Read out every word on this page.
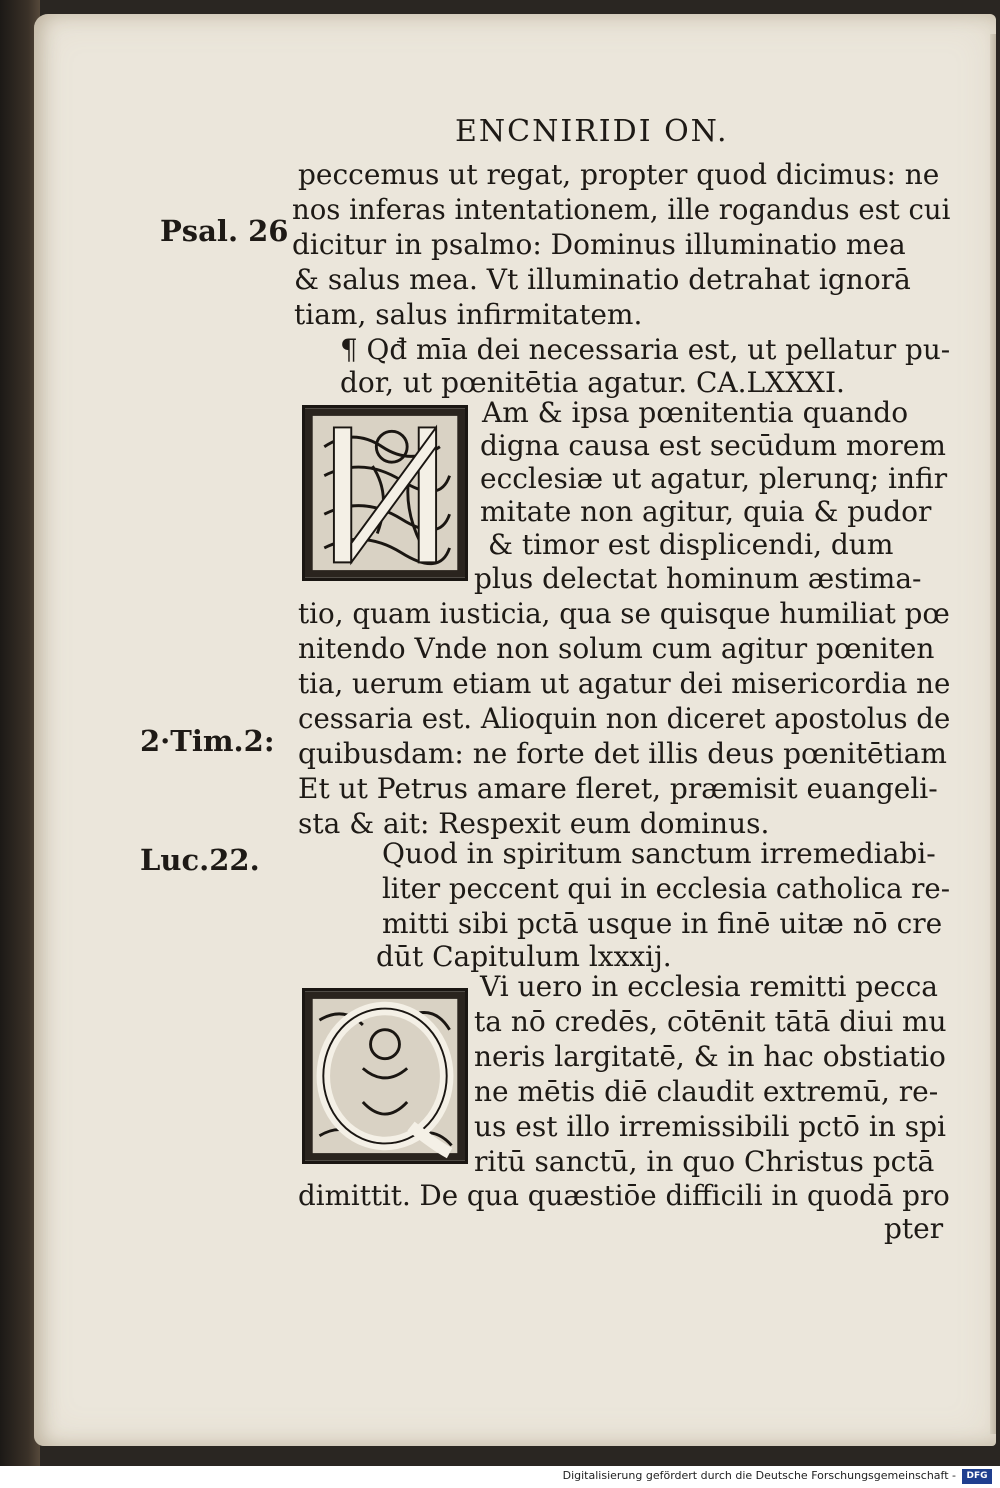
ENCNIRIDI ON.
Psal. 26
2·Tim.2:
Luc.22.
peccemus ut regat, propter quod dicimus: ne
nos inferas intentationem, ille rogandus est cui
dicitur in psalmo: Dominus illuminatio mea
& salus mea. Vt illuminatio detrahat ignorā
tiam, salus infirmitatem.
¶ Qđ mīa dei necessaria est, ut pellatur pu-
dor, ut pœnitētia agatur. CA.LXXXI.
Am & ipsa pœnitentia quando
digna causa est secūdum morem
ecclesiæ ut agatur, plerunq; infir
mitate non agitur, quia & pudor
& timor est displicendi, dum
plus delectat hominum æstima-
tio, quam iusticia, qua se quisque humiliat pœ
nitendo Vnde non solum cum agitur pœniten
tia, uerum etiam ut agatur dei misericordia ne
cessaria est. Alioquin non diceret apostolus de
quibusdam: ne forte det illis deus pœnitētiam
Et ut Petrus amare fleret, præmisit euangeli-
sta & ait: Respexit eum dominus.
Quod in spiritum sanctum irremediabi-
liter peccent qui in ecclesia catholica re-
mitti sibi pctā usque in finē uitæ nō cre
dūt Capitulum lxxxij.
Vi uero in ecclesia remitti pecca
ta nō credēs, cōtēnit tātā diui mu
neris largitatē, & in hac obstiatio
ne mētis diē claudit extremū, re-
us est illo irremissibili pctō in spi
ritū sanctū, in quo Christus pctā
dimittit. De qua quæstiōe difficili in quodā pro
pter
Digitalisierung gefördert durch die Deutsche Forschungsgemeinschaft -	DFG
